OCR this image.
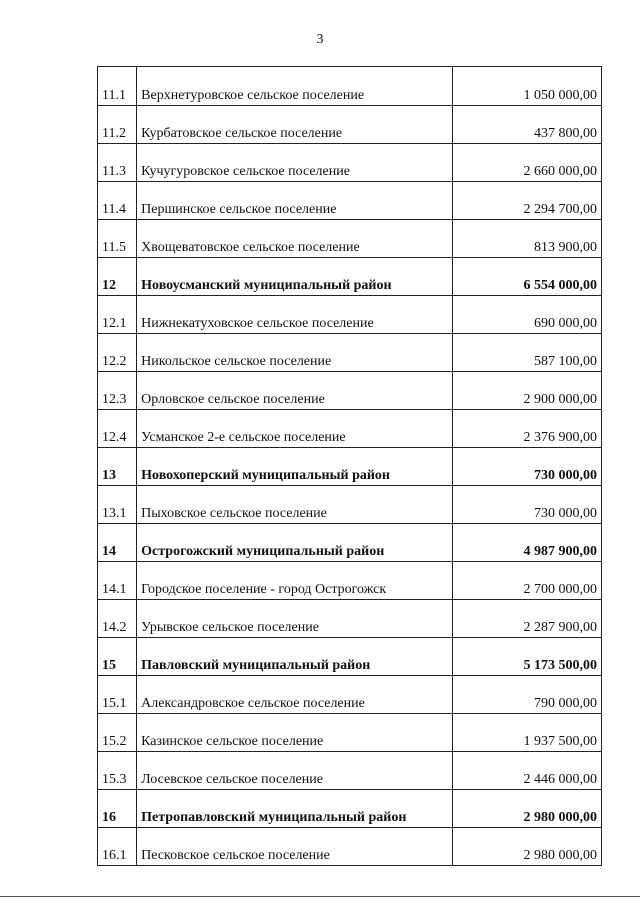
3
11.1	Верхнетуровское сельское поселение	1 050 000,00
11.2	Курбатовское сельское поселение	437 800,00
11.3	Кучугуровское сельское поселение	2 660 000,00
11.4	Першинское сельское поселение	2 294 700,00
11.5	Хвощеватовское сельское поселение	813 900,00
12	Новоусманский муниципальный район	6 554 000,00
12.1	Нижнекатуховское сельское поселение	690 000,00
12.2	Никольское сельское поселение	587 100,00
12.3	Орловское сельское поселение	2 900 000,00
12.4	Усманское 2-е сельское поселение	2 376 900,00
13	Новохоперский муниципальный район	730 000,00
13.1	Пыховское сельское поселение	730 000,00
14	Острогожский муниципальный район	4 987 900,00
14.1	Городское поселение - город Острогожск	2 700 000,00
14.2	Урывское сельское поселение	2 287 900,00
15	Павловский муниципальный район	5 173 500,00
15.1	Александровское сельское поселение	790 000,00
15.2	Казинское сельское поселение	1 937 500,00
15.3	Лосевское сельское поселение	2 446 000,00
16	Петропавловский муниципальный район	2 980 000,00
16.1	Песковское сельское поселение	2 980 000,00
